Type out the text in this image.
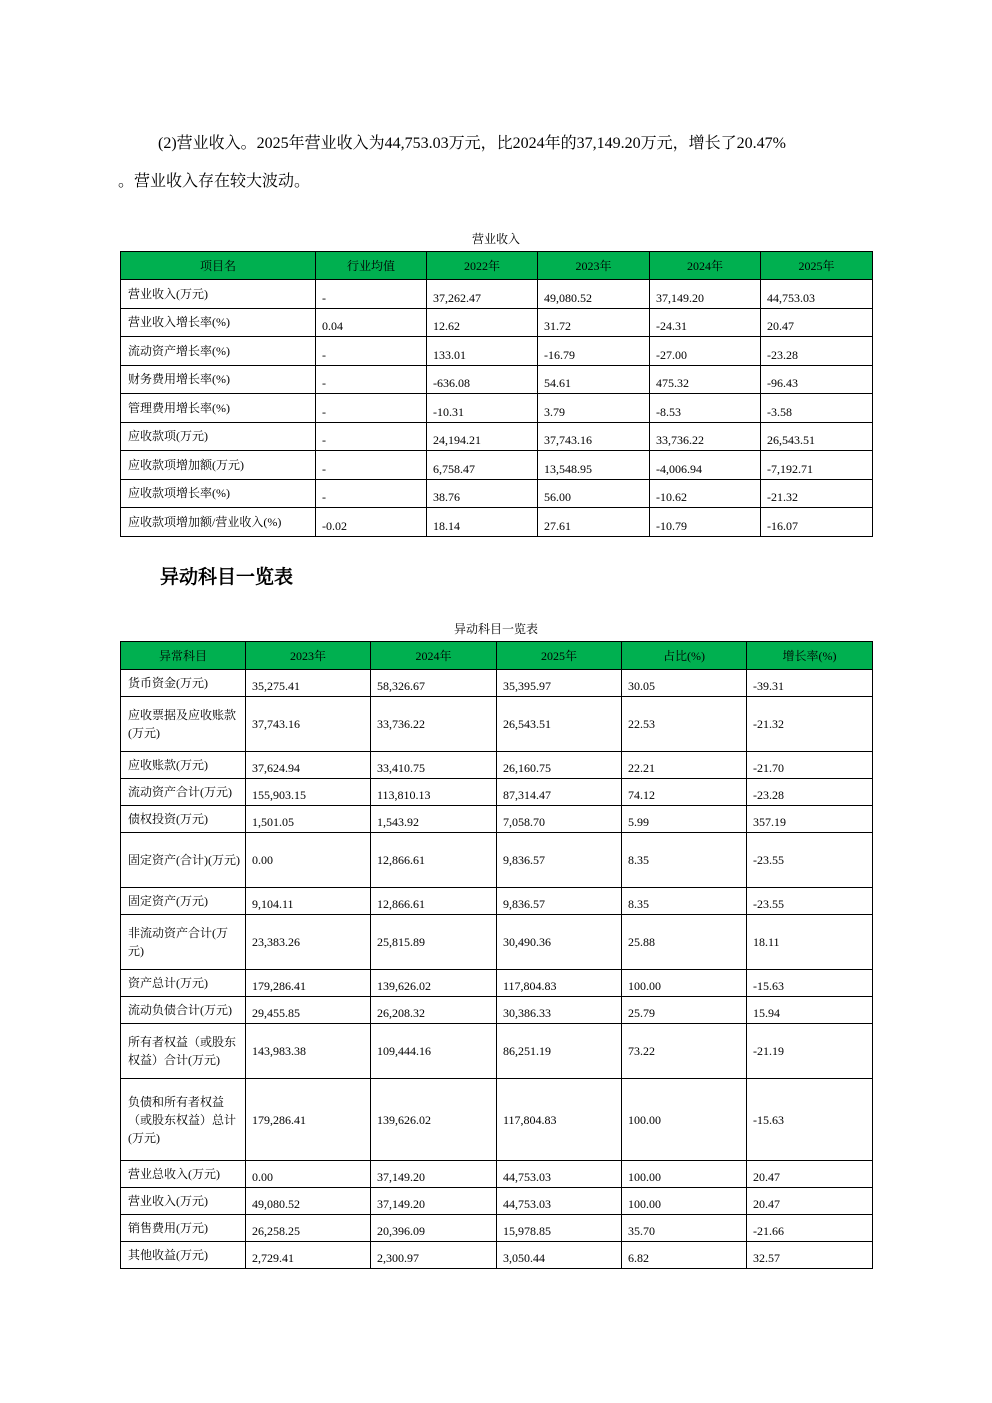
(2)营业收入。2025年营业收入为44,753.03万元，比2024年的37,149.20万元，增长了20.47%
。营业收入存在较大波动。
营业收入
项目名	行业均值	2022年	2023年	2024年	2025年
营业收入(万元)	-	37,262.47	49,080.52	37,149.20	44,753.03
营业收入增长率(%)	0.04	12.62	31.72	-24.31	20.47
流动资产增长率(%)	-	133.01	-16.79	-27.00	-23.28
财务费用增长率(%)	-	-636.08	54.61	475.32	-96.43
管理费用增长率(%)	-	-10.31	3.79	-8.53	-3.58
应收款项(万元)	-	24,194.21	37,743.16	33,736.22	26,543.51
应收款项增加额(万元)	-	6,758.47	13,548.95	-4,006.94	-7,192.71
应收款项增长率(%)	-	38.76	56.00	-10.62	-21.32
应收款项增加额/营业收入(%)	-0.02	18.14	27.61	-10.79	-16.07
异动科目一览表
异动科目一览表
异常科目	2023年	2024年	2025年	占比(%)	增长率(%)
货币资金(万元)	35,275.41	58,326.67	35,395.97	30.05	-39.31
应收票据及应收账款(万元)	37,743.16	33,736.22	26,543.51	22.53	-21.32
应收账款(万元)	37,624.94	33,410.75	26,160.75	22.21	-21.70
流动资产合计(万元)	155,903.15	113,810.13	87,314.47	74.12	-23.28
债权投资(万元)	1,501.05	1,543.92	7,058.70	5.99	357.19
固定资产(合计)(万元)	0.00	12,866.61	9,836.57	8.35	-23.55
固定资产(万元)	9,104.11	12,866.61	9,836.57	8.35	-23.55
非流动资产合计(万元)	23,383.26	25,815.89	30,490.36	25.88	18.11
资产总计(万元)	179,286.41	139,626.02	117,804.83	100.00	-15.63
流动负债合计(万元)	29,455.85	26,208.32	30,386.33	25.79	15.94
所有者权益（或股东权益）合计(万元)	143,983.38	109,444.16	86,251.19	73.22	-21.19
负债和所有者权益（或股东权益）总计(万元)	179,286.41	139,626.02	117,804.83	100.00	-15.63
营业总收入(万元)	0.00	37,149.20	44,753.03	100.00	20.47
营业收入(万元)	49,080.52	37,149.20	44,753.03	100.00	20.47
销售费用(万元)	26,258.25	20,396.09	15,978.85	35.70	-21.66
其他收益(万元)	2,729.41	2,300.97	3,050.44	6.82	32.57
